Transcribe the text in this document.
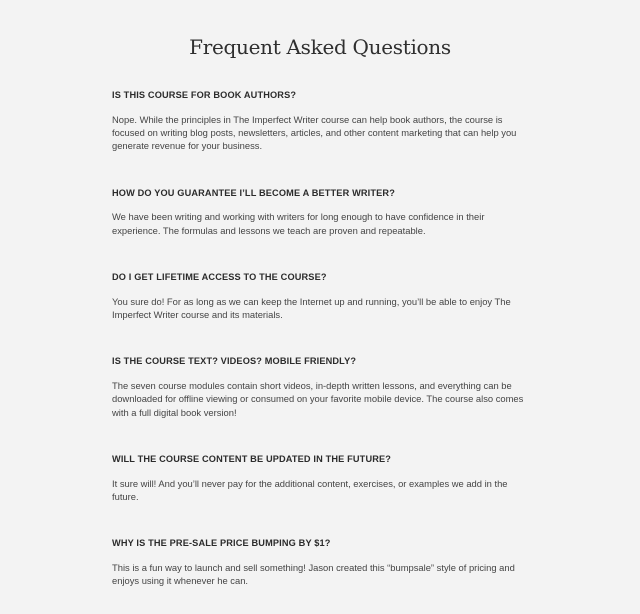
Frequent Asked Questions

IS THIS COURSE FOR BOOK AUTHORS?

Nope. While the principles in The Imperfect Writer course can help book authors, the course is focused on writing blog posts, newsletters, articles, and other content marketing that can help you generate revenue for your business.

HOW DO YOU GUARANTEE I’LL BECOME A BETTER WRITER?

We have been writing and working with writers for long enough to have confidence in their experience. The formulas and lessons we teach are proven and repeatable.

DO I GET LIFETIME ACCESS TO THE COURSE?

You sure do! For as long as we can keep the Internet up and running, you’ll be able to enjoy The Imperfect Writer course and its materials.

IS THE COURSE TEXT? VIDEOS? MOBILE FRIENDLY?

The seven course modules contain short videos, in-depth written lessons, and everything can be downloaded for offline viewing or consumed on your favorite mobile device. The course also comes with a full digital book version!

WILL THE COURSE CONTENT BE UPDATED IN THE FUTURE?

It sure will! And you’ll never pay for the additional content, exercises, or examples we add in the future.

WHY IS THE PRE-SALE PRICE BUMPING BY $1?

This is a fun way to launch and sell something! Jason created this “bumpsale” style of pricing and enjoys using it whenever he can.
